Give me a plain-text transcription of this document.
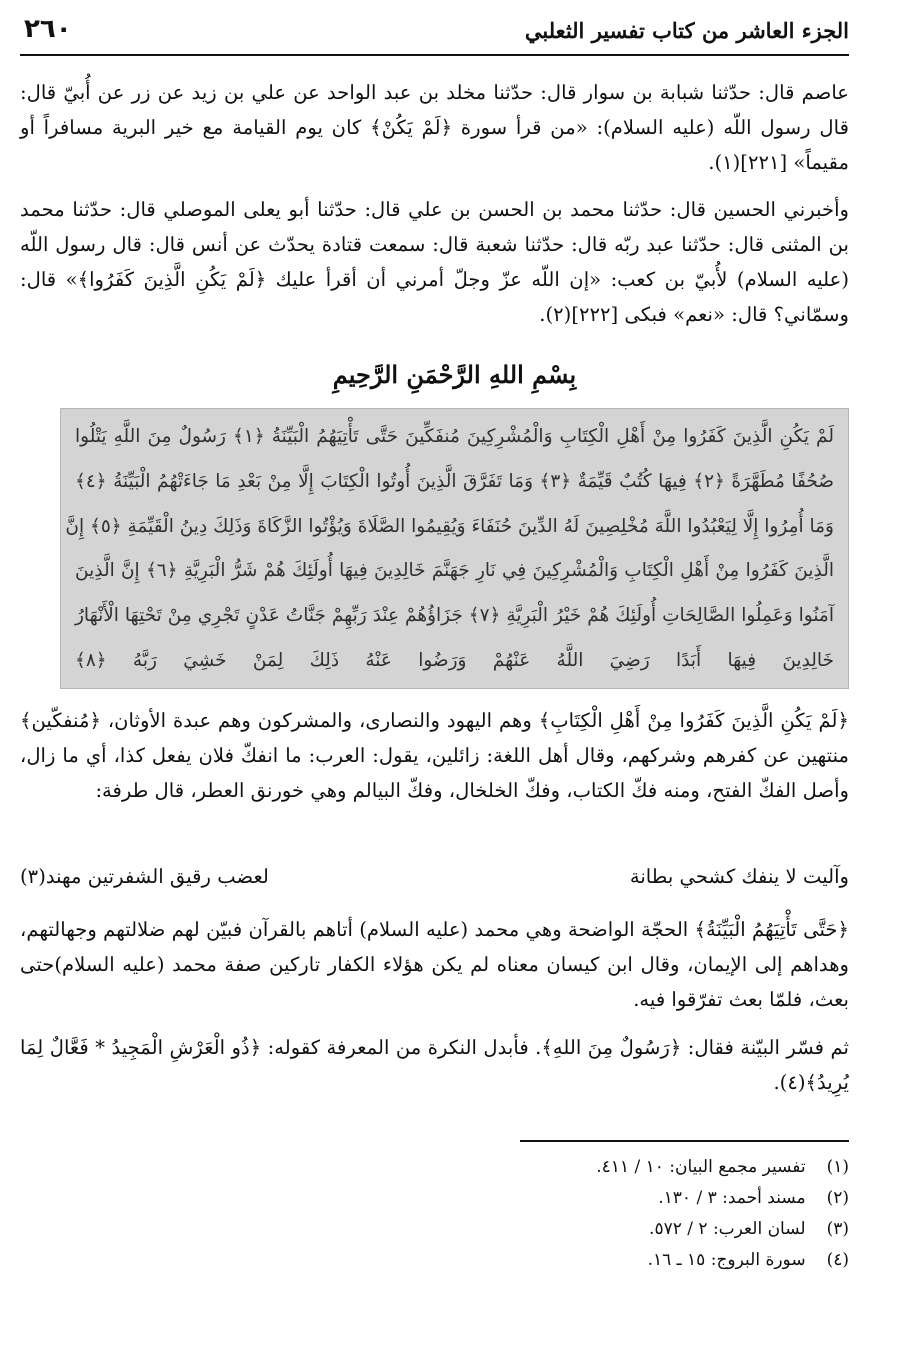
الجزء العاشر من كتاب تفسير الثعلبي
٢٦٠
عاصم قال: حدّثنا شبابة بن سوار قال: حدّثنا مخلد بن عبد الواحد عن علي بن زيد عن زر عن أُبيّ قال: قال رسول اللّه (عليه السلام): «من قرأ سورة ﴿لَمْ يَكُنْ﴾ كان يوم القيامة مع خير البرية مسافراً أو مقيماً» [٢٢١](١).
وأخبرني الحسين قال: حدّثنا محمد بن الحسن بن علي قال: حدّثنا أبو يعلى الموصلي قال: حدّثنا محمد بن المثنى قال: حدّثنا عبد ربّه قال: حدّثنا شعبة قال: سمعت قتادة يحدّث عن أنس قال: قال رسول اللّه (عليه السلام) لأُبيّ بن كعب: «إن اللّه عزّ وجلّ أمرني أن أقرأ عليك ﴿لَمْ يَكُنِ الَّذِينَ كَفَرُوا﴾» قال: وسمّاني؟ قال: «نعم» فبكى [٢٢٢](٢).
بِسْمِ اللهِ الرَّحْمَنِ الرَّحِيمِ
لَمْ يَكُنِ الَّذِينَ كَفَرُوا مِنْ أَهْلِ الْكِتَابِ وَالْمُشْرِكِينَ مُنفَكِّينَ حَتَّى تَأْتِيَهُمُ الْبَيِّنَةُ ﴿١﴾ رَسُولٌ مِنَ اللَّهِ يَتْلُوا
صُحُفًا مُطَهَّرَةً ﴿٢﴾ فِيهَا كُتُبٌ قَيِّمَةٌ ﴿٣﴾ وَمَا تَفَرَّقَ الَّذِينَ أُوتُوا الْكِتَابَ إِلَّا مِنْ بَعْدِ مَا جَاءَتْهُمُ الْبَيِّنَةُ ﴿٤﴾
وَمَا أُمِرُوا إِلَّا لِيَعْبُدُوا اللَّهَ مُخْلِصِينَ لَهُ الدِّينَ حُنَفَاءَ وَيُقِيمُوا الصَّلَاةَ وَيُؤْتُوا الزَّكَاةَ وَذَلِكَ دِينُ الْقَيِّمَةِ ﴿٥﴾ إِنَّ
الَّذِينَ كَفَرُوا مِنْ أَهْلِ الْكِتَابِ وَالْمُشْرِكِينَ فِي نَارِ جَهَنَّمَ خَالِدِينَ فِيهَا أُولَئِكَ هُمْ شَرُّ الْبَرِيَّةِ ﴿٦﴾ إِنَّ الَّذِينَ
آمَنُوا وَعَمِلُوا الصَّالِحَاتِ أُولَئِكَ هُمْ خَيْرُ الْبَرِيَّةِ ﴿٧﴾ جَزَاؤُهُمْ عِنْدَ رَبِّهِمْ جَنَّاتُ عَدْنٍ تَجْرِي مِنْ تَحْتِهَا الْأَنْهَارُ
خَالِدِينَ فِيهَا أَبَدًا رَضِيَ اللَّهُ عَنْهُمْ وَرَضُوا عَنْهُ ذَلِكَ لِمَنْ خَشِيَ رَبَّهُ ﴿٨﴾
﴿لَمْ يَكُنِ الَّذِينَ كَفَرُوا مِنْ أَهْلِ الْكِتَابِ﴾ وهم اليهود والنصارى، والمشركون وهم عبدة الأوثان، ﴿مُنفكّين﴾ منتهين عن كفرهم وشركهم، وقال أهل اللغة: زائلين، يقول: العرب: ما انفكّ فلان يفعل كذا، أي ما زال، وأصل الفكّ الفتح، ومنه فكّ الكتاب، وفكّ الخلخال، وفكّ البيالم وهي خورنق العطر، قال طرفة:
وآليت لا ينفك كشحي بطانة
لعضب رقيق الشفرتين مهند(٣)
﴿حَتَّى تَأْتِيَهُمُ الْبَيِّنَةُ﴾ الحجّة الواضحة وهي محمد (عليه السلام) أتاهم بالقرآن فبيّن لهم ضلالتهم وجهالتهم، وهداهم إلى الإيمان، وقال ابن كيسان معناه لم يكن هؤلاء الكفار تاركين صفة محمد (عليه السلام)حتى بعث، فلمّا بعث تفرّقوا فيه.
ثم فسّر البيّنة فقال: ﴿رَسُولٌ مِنَ اللهِ﴾. فأبدل النكرة من المعرفة كقوله: ﴿ذُو الْعَرْشِ الْمَجِيدُ * فَعَّالٌ لِمَا يُرِيدُ﴾(٤).
(١) تفسير مجمع البيان: ١٠ / ٤١١.
(٢) مسند أحمد: ٣ / ١٣٠.
(٣) لسان العرب: ٢ / ٥٧٢.
(٤) سورة البروج: ١٥ ـ ١٦.
